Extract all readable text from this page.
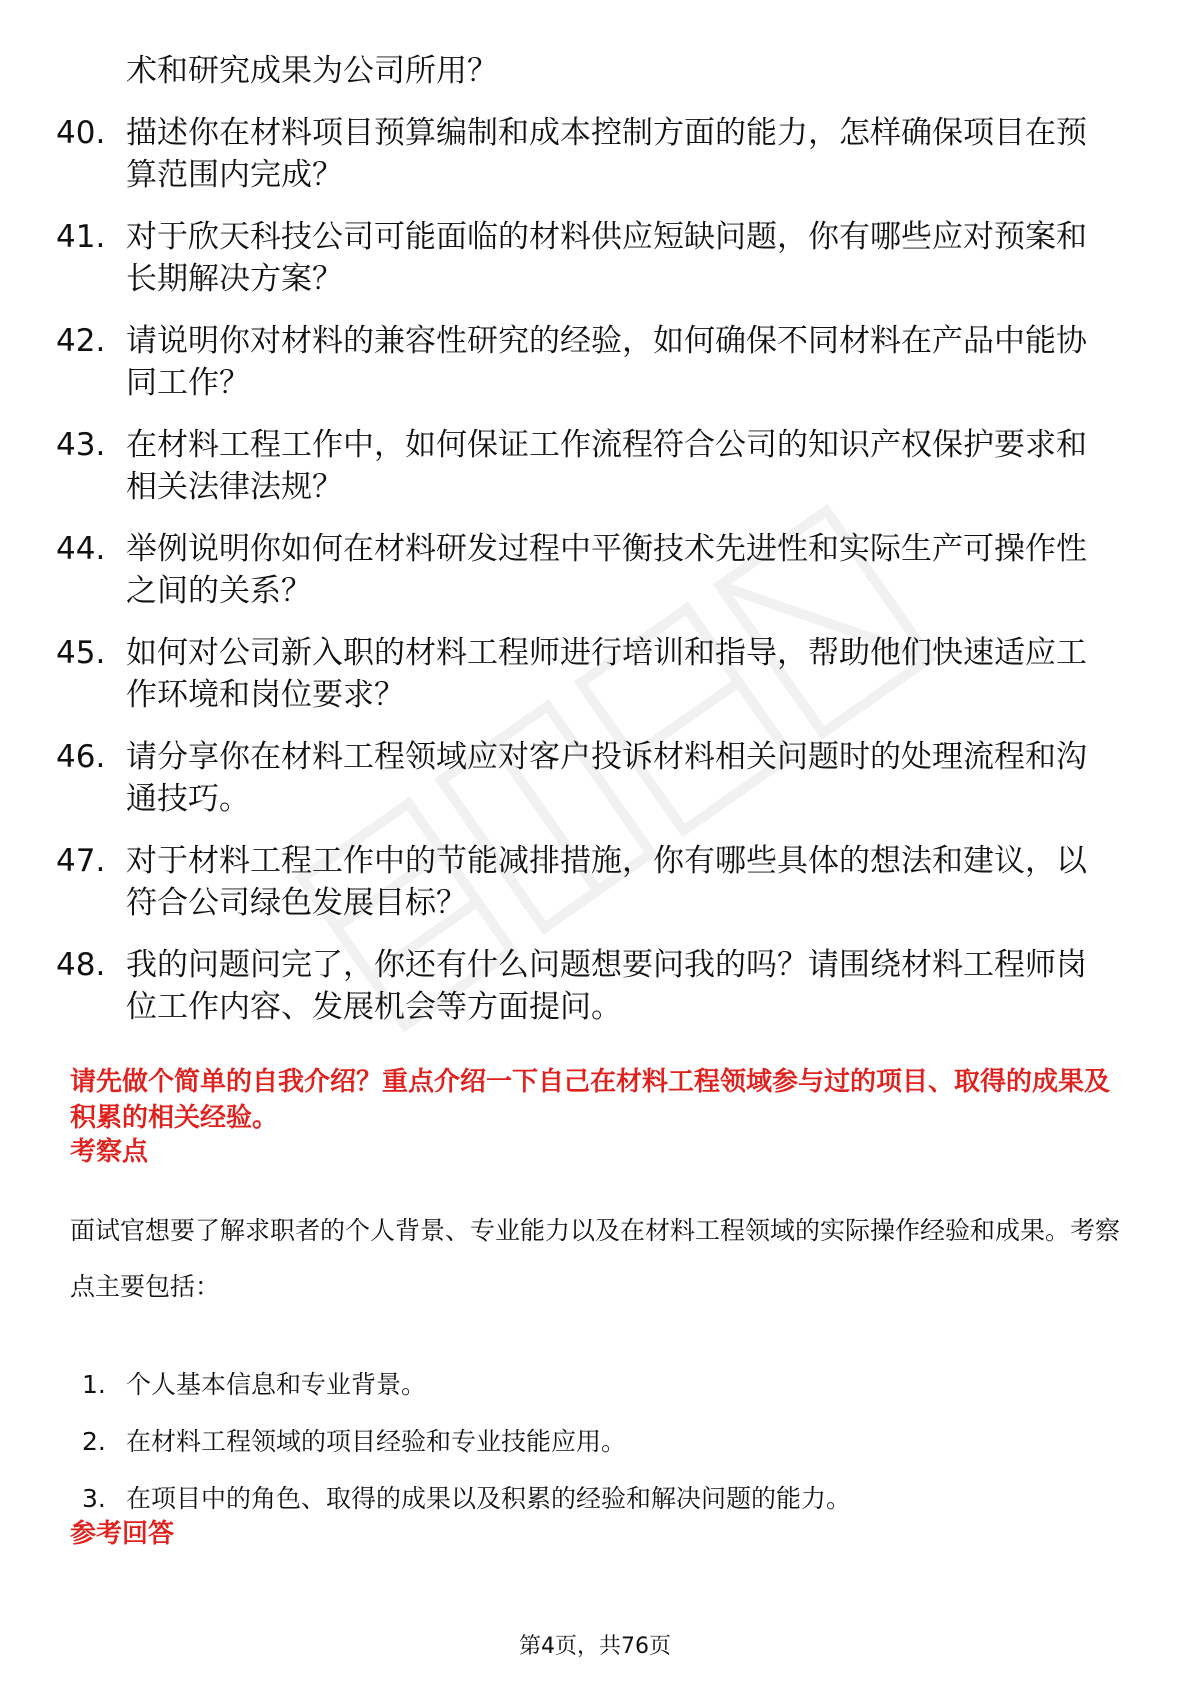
术和研究成果为公司所用？
40. 描述你在材料项目预算编制和成本控制方面的能力，怎样确保项目在预算范围内完成？
41. 对于欣天科技公司可能面临的材料供应短缺问题，你有哪些应对预案和长期解决方案？
42. 请说明你对材料的兼容性研究的经验，如何确保不同材料在产品中能协同工作？
43. 在材料工程工作中，如何保证工作流程符合公司的知识产权保护要求和相关法律法规？
44. 举例说明你如何在材料研发过程中平衡技术先进性和实际生产可操作性之间的关系？
45. 如何对公司新入职的材料工程师进行培训和指导，帮助他们快速适应工作环境和岗位要求？
46. 请分享你在材料工程领域应对客户投诉材料相关问题时的处理流程和沟通技巧。
47. 对于材料工程工作中的节能减排措施，你有哪些具体的想法和建议，以符合公司绿色发展目标？
48. 我的问题问完了，你还有什么问题想要问我的吗？请围绕材料工程师岗位工作内容、发展机会等方面提问。
请先做个简单的自我介绍？重点介绍一下自己在材料工程领域参与过的项目、取得的成果及积累的相关经验。
考察点
面试官想要了解求职者的个人背景、专业能力以及在材料工程领域的实际操作经验和成果。考察点主要包括：
1. 个人基本信息和专业背景。
2. 在材料工程领域的项目经验和专业技能应用。
3. 在项目中的角色、取得的成果以及积累的经验和解决问题的能力。
参考回答
第4页，共76页
